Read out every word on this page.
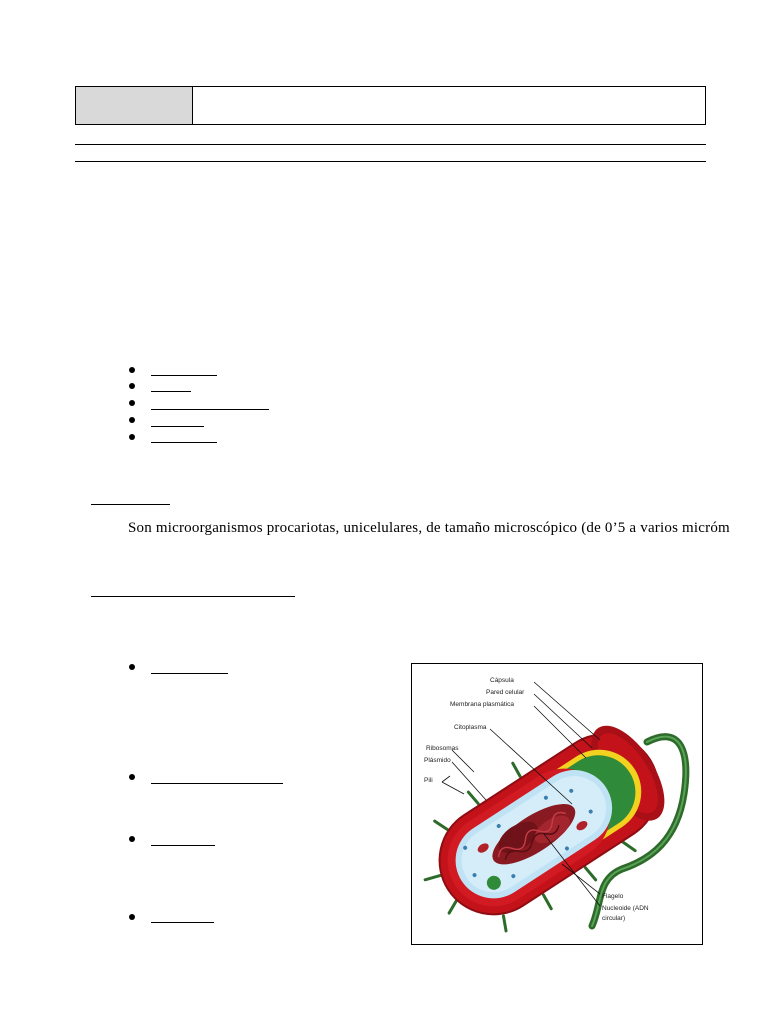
Son microorganismos procariotas, unicelulares, de tamaño microscópico (de 0’5 a varios micróm
Cápsula
Pared celular
Membrana plasmática
Citoplasma
Ribosomas
Plásmido
Pili
Flagelo
Nucleoide (ADN
circular)
